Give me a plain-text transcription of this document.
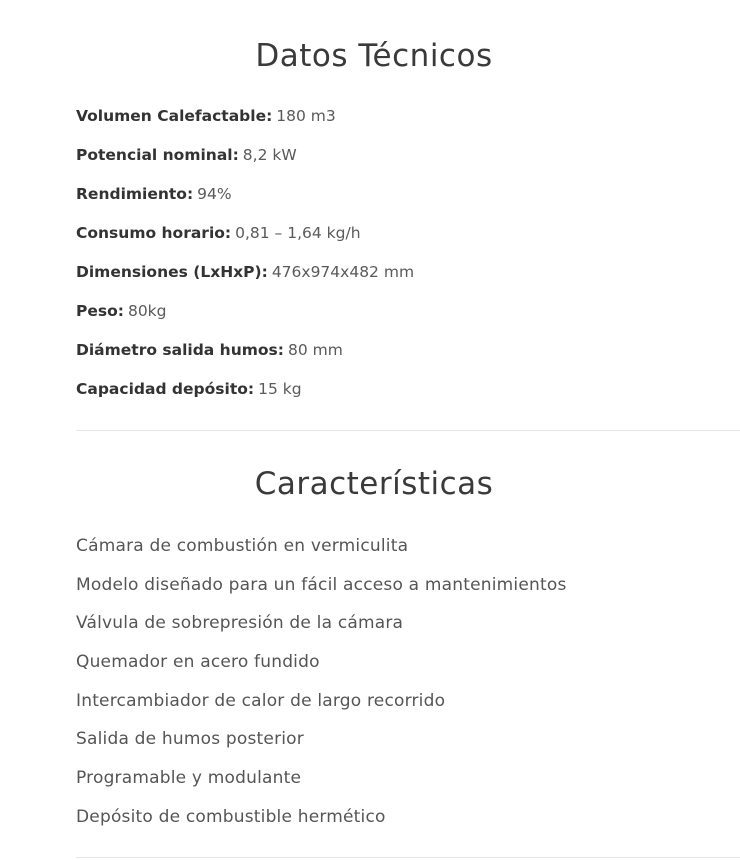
Datos Técnicos
Volumen Calefactable: 180 m3
Potencial nominal: 8,2 kW
Rendimiento: 94%
Consumo horario: 0,81 – 1,64 kg/h
Dimensiones (LxHxP): 476x974x482 mm
Peso: 80kg
Diámetro salida humos: 80 mm
Capacidad depósito: 15 kg
Características
Cámara de combustión en vermiculita
Modelo diseñado para un fácil acceso a mantenimientos
Válvula de sobrepresión de la cámara
Quemador en acero fundido
Intercambiador de calor de largo recorrido
Salida de humos posterior
Programable y modulante
Depósito de combustible hermético
